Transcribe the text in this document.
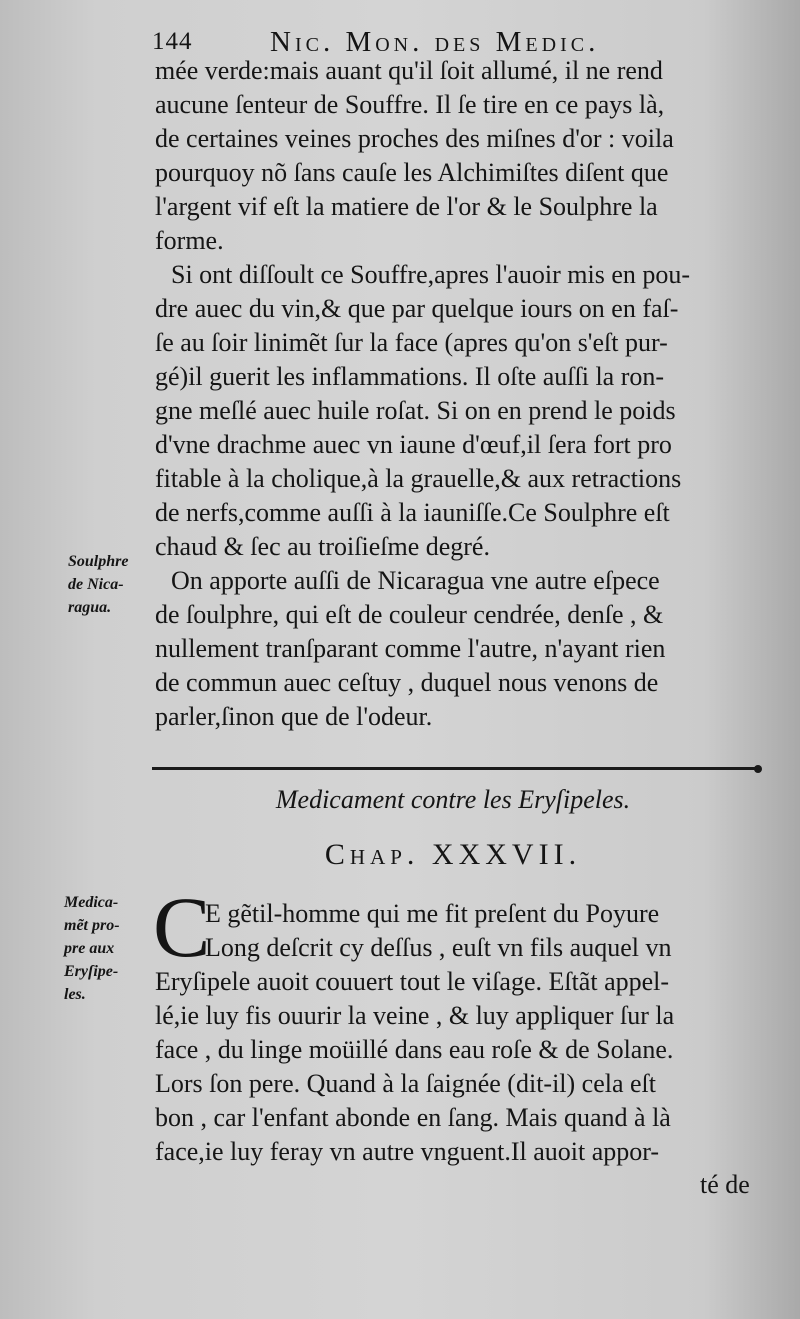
144	Nic. Mon. des Medic.

mée verde:mais auant qu'il ſoit allumé, il ne rend
aucune ſenteur de Souffre. Il ſe tire en ce pays là,
de certaines veines proches des miſnes d'or : voila
pourquoy nõ ſans cauſe les Alchimiſtes diſent que
l'argent vif eſt la matiere de l'or & le Soulphre la
forme.

Si ont diſſoult ce Souffre,apres l'auoir mis en pou-
dre auec du vin,& que par quelque iours on en faſ-
ſe au ſoir linimẽt ſur la face (apres qu'on s'eſt pur-
gé)il guerit les inflammations. Il oſte auſſi la ron-
gne meſlé auec huile roſat. Si on en prend le poids
d'vne drachme auec vn iaune d'œuf,il ſera fort pro
fitable à la cholique,à la grauelle,& aux retractions
de nerfs,comme auſſi à la iauniſſe.Ce Soulphre eſt
chaud & ſec au troiſieſme degré.

On apporte auſſi de Nicaragua vne autre eſpece
de ſoulphre, qui eſt de couleur cendrée, denſe , &
nullement tranſparant comme l'autre, n'ayant rien
de commun auec ceſtuy , duquel nous venons de
parler,ſinon que de l'odeur.

Soulphre
de Nica-
ragua.
Medicament contre les Eryſipeles.
Chap. XXXVII.
Medica-
mẽt pro-
pre aux
Eryſipe-
les.
C
E gẽtil-homme qui me fit preſent du Poyure
Long deſcrit cy deſſus , euſt vn fils auquel vn
Eryſipele auoit couuert tout le viſage. Eſtãt appel-
lé,ie luy fis ouurir la veine , & luy appliquer ſur la
face , du linge moüillé dans eau roſe & de Solane.
Lors ſon pere. Quand à la ſaignée (dit-il) cela eſt
bon , car l'enfant abonde en ſang. Mais quand à là
face,ie luy feray vn autre vnguent.Il auoit appor-
té de
